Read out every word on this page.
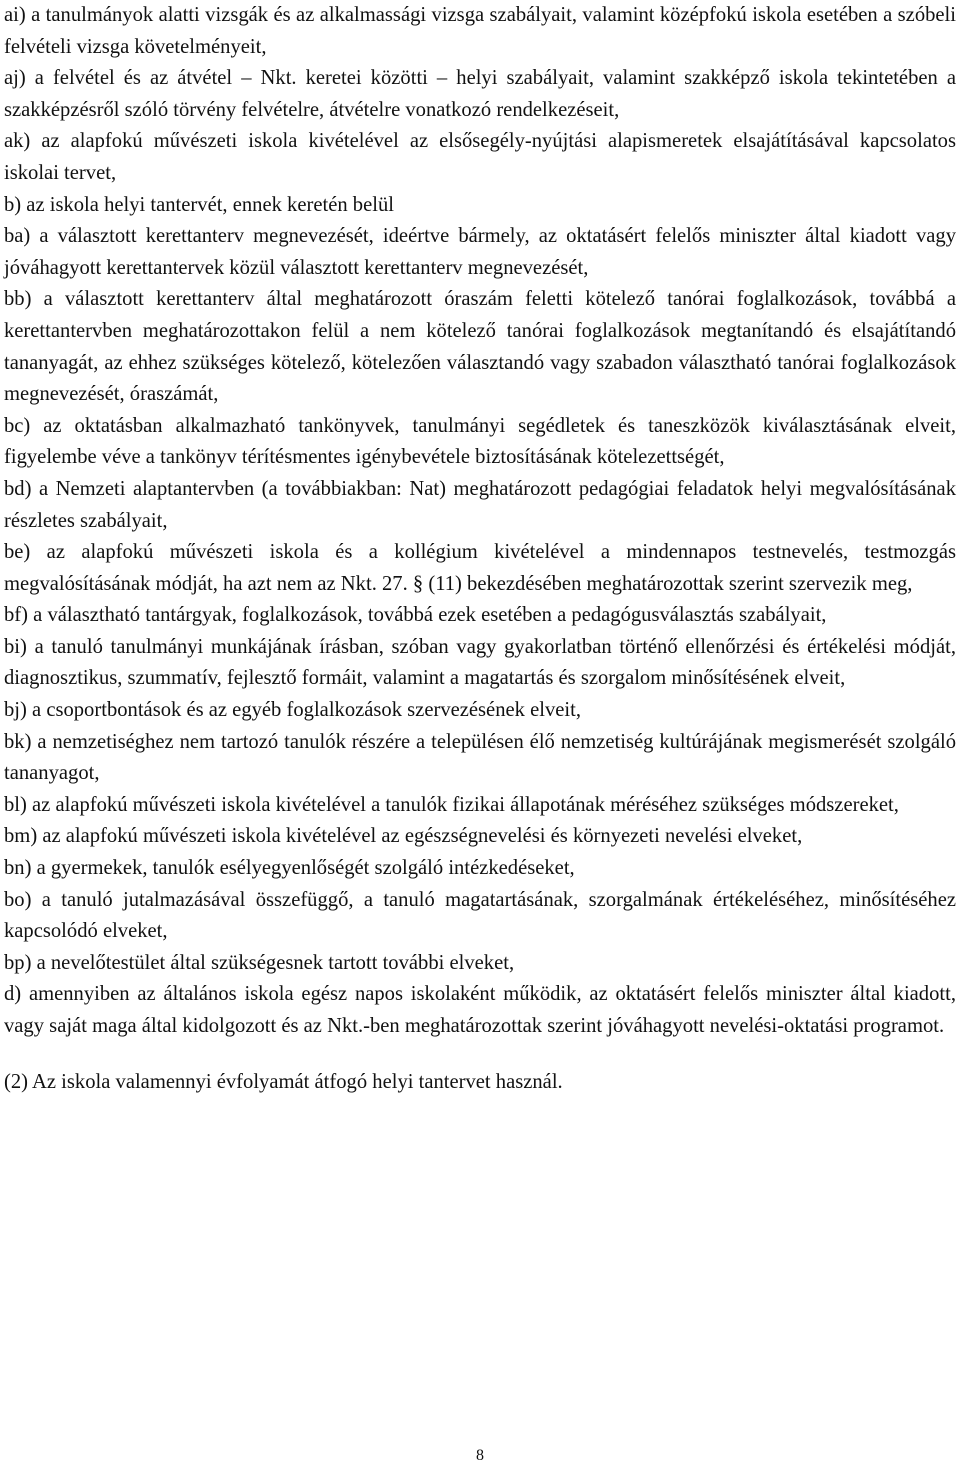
ai) a tanulmányok alatti vizsgák és az alkalmassági vizsga szabályait, valamint középfokú iskola esetében a szóbeli felvételi vizsga követelményeit,

aj) a felvétel és az átvétel – Nkt. keretei közötti – helyi szabályait, valamint szakképző iskola tekintetében a szakképzésről szóló törvény felvételre, átvételre vonatkozó rendelkezéseit,

ak) az alapfokú művészeti iskola kivételével az elsősegély-nyújtási alapismeretek elsajátításával kapcsolatos iskolai tervet,

b) az iskola helyi tantervét, ennek keretén belül

ba) a választott kerettanterv megnevezését, ideértve bármely, az oktatásért felelős miniszter által kiadott vagy jóváhagyott kerettantervek közül választott kerettanterv megnevezését,

bb) a választott kerettanterv által meghatározott óraszám feletti kötelező tanórai foglalkozások, továbbá a kerettantervben meghatározottakon felül a nem kötelező tanórai foglalkozások megtanítandó és elsajátítandó tananyagát, az ehhez szükséges kötelező, kötelezően választandó vagy szabadon választható tanórai foglalkozások megnevezését, óraszámát,

bc) az oktatásban alkalmazható tankönyvek, tanulmányi segédletek és taneszközök kiválasztásának elveit, figyelembe véve a tankönyv térítésmentes igénybevétele biztosításának kötelezettségét,

bd) a Nemzeti alaptantervben (a továbbiakban: Nat) meghatározott pedagógiai feladatok helyi megvalósításának részletes szabályait,

be) az alapfokú művészeti iskola és a kollégium kivételével a mindennapos testnevelés, testmozgás megvalósításának módját, ha azt nem az Nkt. 27. § (11) bekezdésében meghatározottak szerint szervezik meg,

bf) a választható tantárgyak, foglalkozások, továbbá ezek esetében a pedagógusválasztás szabályait,

bi) a tanuló tanulmányi munkájának írásban, szóban vagy gyakorlatban történő ellenőrzési és értékelési módját, diagnosztikus, szummatív, fejlesztő formáit, valamint a magatartás és szorgalom minősítésének elveit,

bj) a csoportbontások és az egyéb foglalkozások szervezésének elveit,

bk) a nemzetiséghez nem tartozó tanulók részére a településen élő nemzetiség kultúrájának megismerését szolgáló tananyagot,

bl) az alapfokú művészeti iskola kivételével a tanulók fizikai állapotának méréséhez szükséges módszereket,

bm) az alapfokú művészeti iskola kivételével az egészségnevelési és környezeti nevelési elveket,

bn) a gyermekek, tanulók esélyegyenlőségét szolgáló intézkedéseket,

bo) a tanuló jutalmazásával összefüggő, a tanuló magatartásának, szorgalmának értékeléséhez, minősítéséhez kapcsolódó elveket,

bp) a nevelőtestület által szükségesnek tartott további elveket,

d) amennyiben az általános iskola egész napos iskolaként működik, az oktatásért felelős miniszter által kiadott, vagy saját maga által kidolgozott és az Nkt.-ben meghatározottak szerint jóváhagyott nevelési-oktatási programot.

(2) Az iskola valamennyi évfolyamát átfogó helyi tantervet használ.

8
